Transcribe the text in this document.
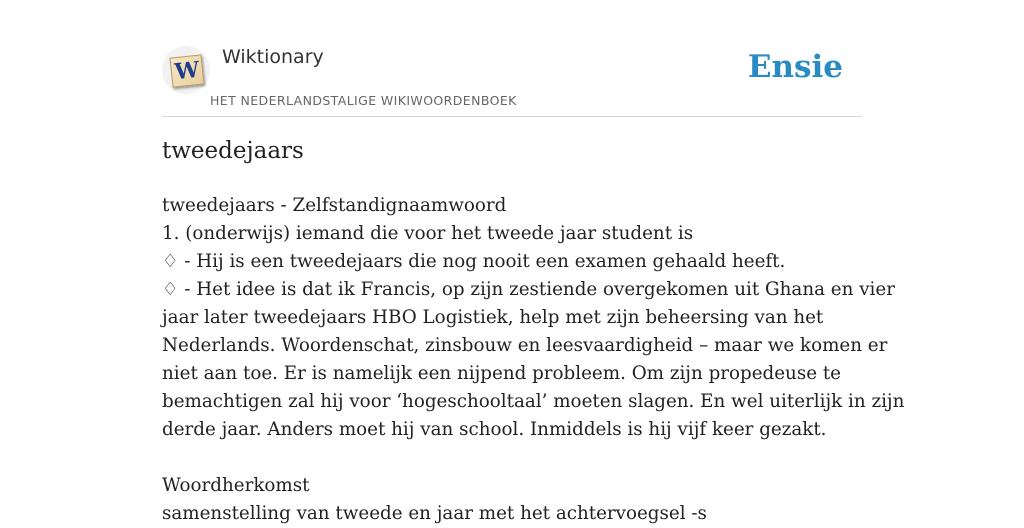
W Wiktionary
HET NEDERLANDSTALIGE WIKIWOORDENBOEK
Ensie
tweedejaars
tweedejaars - Zelfstandignaamwoord
1. (onderwijs) iemand die voor het tweede jaar student is
♢ - Hij is een tweedejaars die nog nooit een examen gehaald heeft.
♢ - Het idee is dat ik Francis, op zijn zestiende overgekomen uit Ghana en vier
jaar later tweedejaars HBO Logistiek, help met zijn beheersing van het
Nederlands. Woordenschat, zinsbouw en leesvaardigheid – maar we komen er
niet aan toe. Er is namelijk een nijpend probleem. Om zijn propedeuse te
bemachtigen zal hij voor ‘hogeschooltaal’ moeten slagen. En wel uiterlijk in zijn
derde jaar. Anders moet hij van school. Inmiddels is hij vijf keer gezakt.
Woordherkomst
samenstelling van tweede en jaar met het achtervoegsel -s
